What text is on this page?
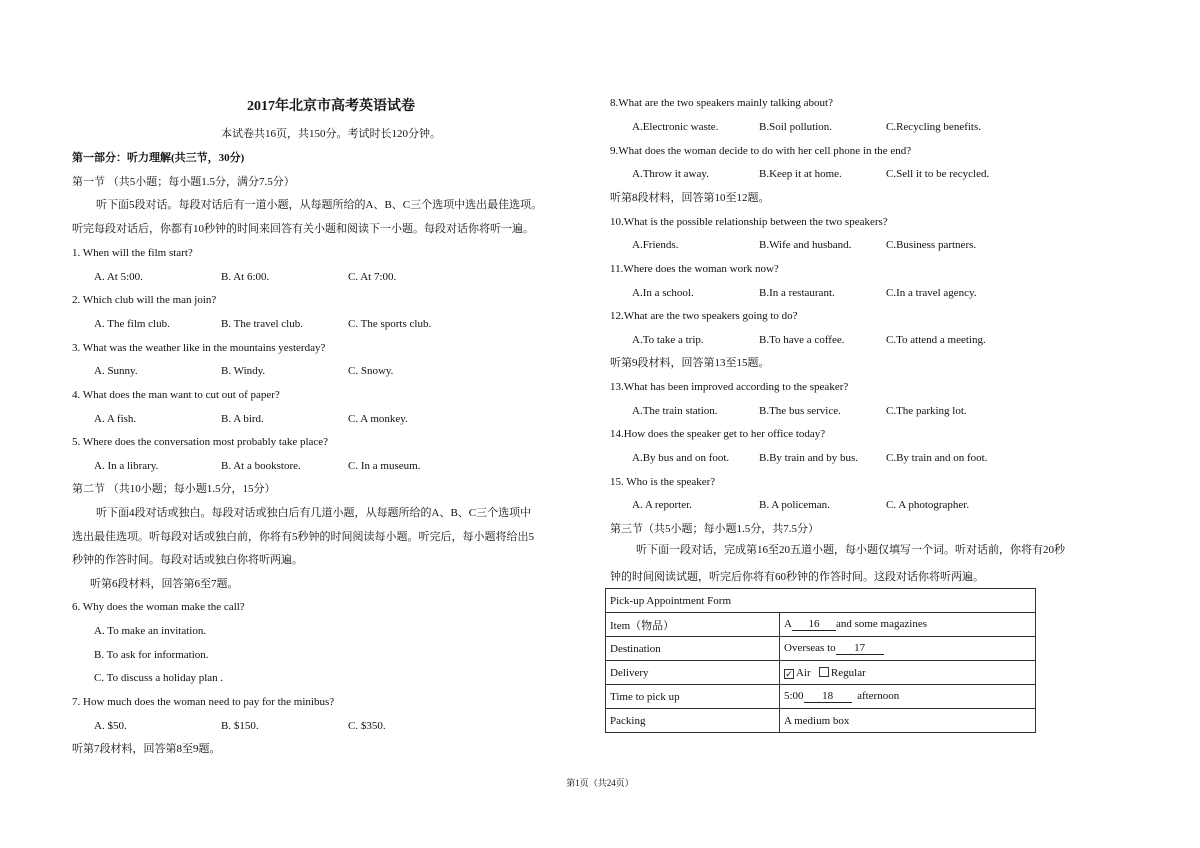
2017年北京市高考英语试卷
本试卷共16页，共150分。考试时长120分钟。
第一部分：听力理解(共三节，30分)
第一节 （共5小题；每小题1.5分，满分7.5分）
听下面5段对话。每段对话后有一道小题，从每题所给的A、B、C三个选项中选出最佳选项。
听完每段对话后，你都有10秒钟的时间来回答有关小题和阅读下一小题。每段对话你将听一遍。
1. When will the film start?
A. At 5:00.	B. At 6:00.	C. At 7:00.
2. Which club will the man join?
A. The film club.	B. The travel club.	C. The sports club.
3. What was the weather like in the mountains yesterday?
A. Sunny.	B. Windy.	C. Snowy.
4. What does the man want to cut out of paper?
A. A fish.	B. A bird.	C. A monkey.
5. Where does the conversation most probably take place?
A. In a library.	B. At a bookstore.	C. In a museum.
第二节 （共10小题；每小题1.5分，15分）
听下面4段对话或独白。每段对话或独白后有几道小题，从每题所给的A、B、C三个选项中
选出最佳选项。听每段对话或独白前，你将有5秒钟的时间阅读每小题。听完后，每小题将给出5
秒钟的作答时间。每段对话或独白你将听两遍。
听第6段材料，回答第6至7题。
6. Why does the woman make the call?
A. To make an invitation.
B. To ask for information.
C. To discuss a holiday plan .
7. How much does the woman need to pay for the minibus?
A. $50.	B. $150.	C. $350.
听第7段材料，回答第8至9题。
8.What are the two speakers mainly talking about?
A.Electronic waste.	B.Soil pollution.	C.Recycling benefits.
9.What does the woman decide to do with her cell phone in the end?
A.Throw it away.	B.Keep it at home.	C.Sell it to be recycled.
听第8段材料，回答第10至12题。
10.What is the possible relationship between the two speakers?
A.Friends.	B.Wife and husband.	C.Business partners.
11.Where does the woman work now?
A.In a school.	B.In a restaurant.	C.In a travel agency.
12.What are the two speakers going to do?
A.To take a trip.	B.To have a coffee.	C.To attend a meeting.
听第9段材料，回答第13至15题。
13.What has been improved according to the speaker?
A.The train station.	B.The bus service.	C.The parking lot.
14.How does the speaker get to her office today?
A.By bus and on foot.	B.By train and by bus.	C.By train and on foot.
15. Who is the speaker?
A. A reporter.	B. A policeman.	C. A photographer.
第三节（共5小题；每小题1.5分，共7.5分）
听下面一段对话，完成第16至20五道小题，每小题仅填写一个词。听对话前，你将有20秒
钟的时间阅读试题，听完后你将有60秒钟的作答时间。这段对话你将听两遍。
Pick-up Appointment Form	
Item（物品）	A 16 and some magazines
Destination	Overseas to 17
Delivery	✓ Air Regular
Time to pick up	5:00 18 afternoon
Packing	A medium box
第1页（共24页）
